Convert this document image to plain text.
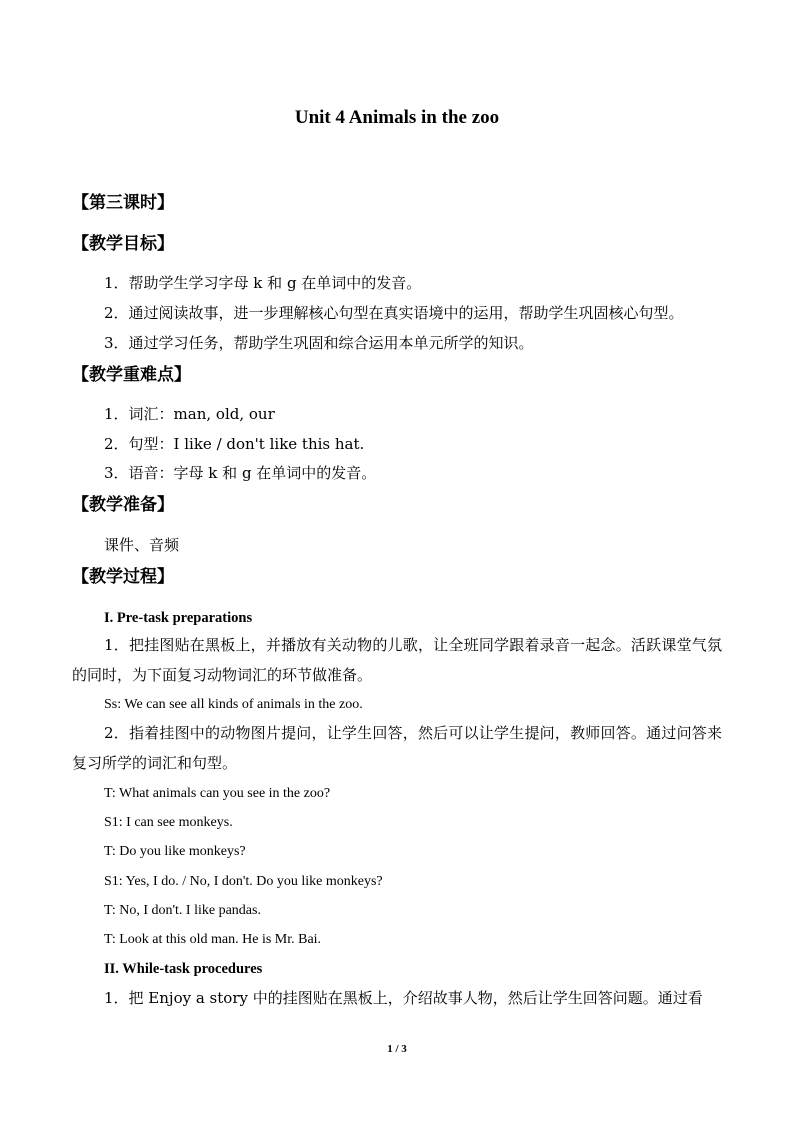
Unit 4 Animals in the zoo
【第三课时】
【教学目标】
1．帮助学生学习字母 k 和 g 在单词中的发音。
2．通过阅读故事，进一步理解核心句型在真实语境中的运用，帮助学生巩固核心句型。
3．通过学习任务，帮助学生巩固和综合运用本单元所学的知识。
【教学重难点】
1．词汇：man, old, our
2．句型：I like / don't like this hat.
3．语音：字母 k 和 g 在单词中的发音。
【教学准备】
课件、音频
【教学过程】
I. Pre-task preparations
1．把挂图贴在黑板上，并播放有关动物的儿歌，让全班同学跟着录音一起念。活跃课堂气氛的同时，为下面复习动物词汇的环节做准备。
Ss: We can see all kinds of animals in the zoo.
2．指着挂图中的动物图片提问，让学生回答，然后可以让学生提问，教师回答。通过问答来复习所学的词汇和句型。
T: What animals can you see in the zoo?
S1: I can see monkeys.
T: Do you like monkeys?
S1: Yes, I do. / No, I don't. Do you like monkeys?
T: No, I don't. I like pandas.
T: Look at this old man. He is Mr. Bai.
II. While-task procedures
1．把 Enjoy a story 中的挂图贴在黑板上，介绍故事人物，然后让学生回答问题。通过看
1 / 3
